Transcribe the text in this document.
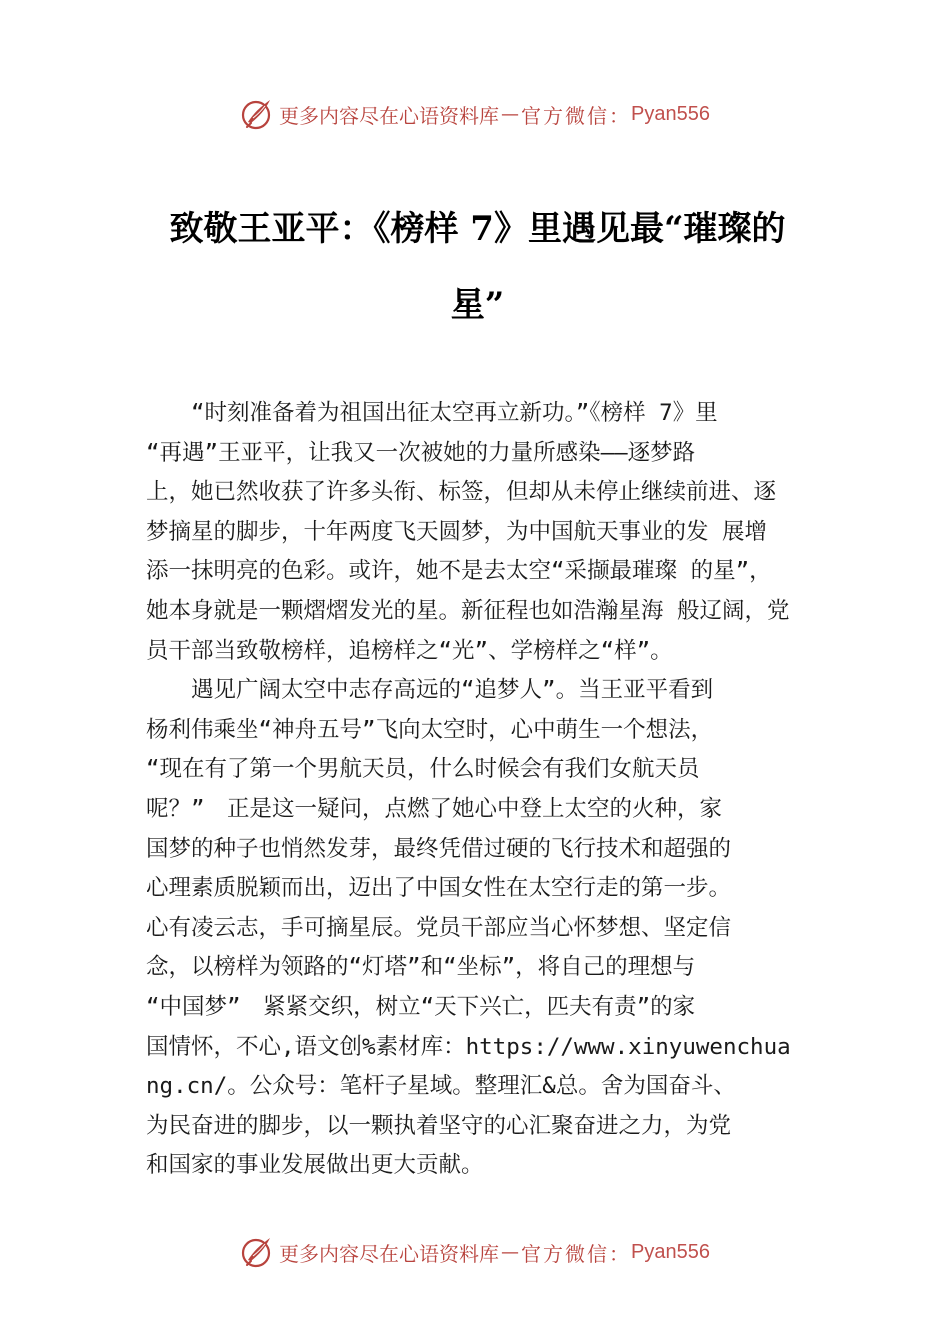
更多内容尽在心语资料库 — 官方微信： Pyan556
致敬王亚平：《榜样 7》里遇见最“璀璨的
星”
　　“时刻准备着为祖国出征太空再立新功。”《榜样 7》里
“再遇”王亚平，让我又一次被她的力量所感染——逐梦路
上，她已然收获了许多头衔、标签，但却从未停止继续前进、逐
梦摘星的脚步，十年两度飞天圆梦，为中国航天事业的发 展增
添一抹明亮的色彩。或许，她不是去太空“采撷最璀璨 的星”，
她本身就是一颗熠熠发光的星。新征程也如浩瀚星海 般辽阔，党
员干部当致敬榜样，追榜样之“光”、学榜样之“样”。
　　遇见广阔太空中志存高远的“追梦人”。当王亚平看到
杨利伟乘坐“神舟五号”飞向太空时，心中萌生一个想法，
“现在有了第一个男航天员，什么时候会有我们女航天员
呢？”　正是这一疑问，点燃了她心中登上太空的火种，家
国梦的种子也悄然发芽，最终凭借过硬的飞行技术和超强的
心理素质脱颖而出，迈出了中国女性在太空行走的第一步。
心有凌云志，手可摘星辰。党员干部应当心怀梦想、坚定信
念，以榜样为领路的“灯塔”和“坐标”，将自己的理想与
“中国梦”　紧紧交织，树立“天下兴亡，匹夫有责”的家
国情怀，不心,语文创%素材库：https://www.xinyuwenchua
ng.cn/。公众号：笔杆子星域。整理汇&总。舍为国奋斗、
为民奋进的脚步，以一颗执着坚守的心汇聚奋进之力，为党
和国家的事业发展做出更大贡献。
更多内容尽在心语资料库 — 官方微信： Pyan556
